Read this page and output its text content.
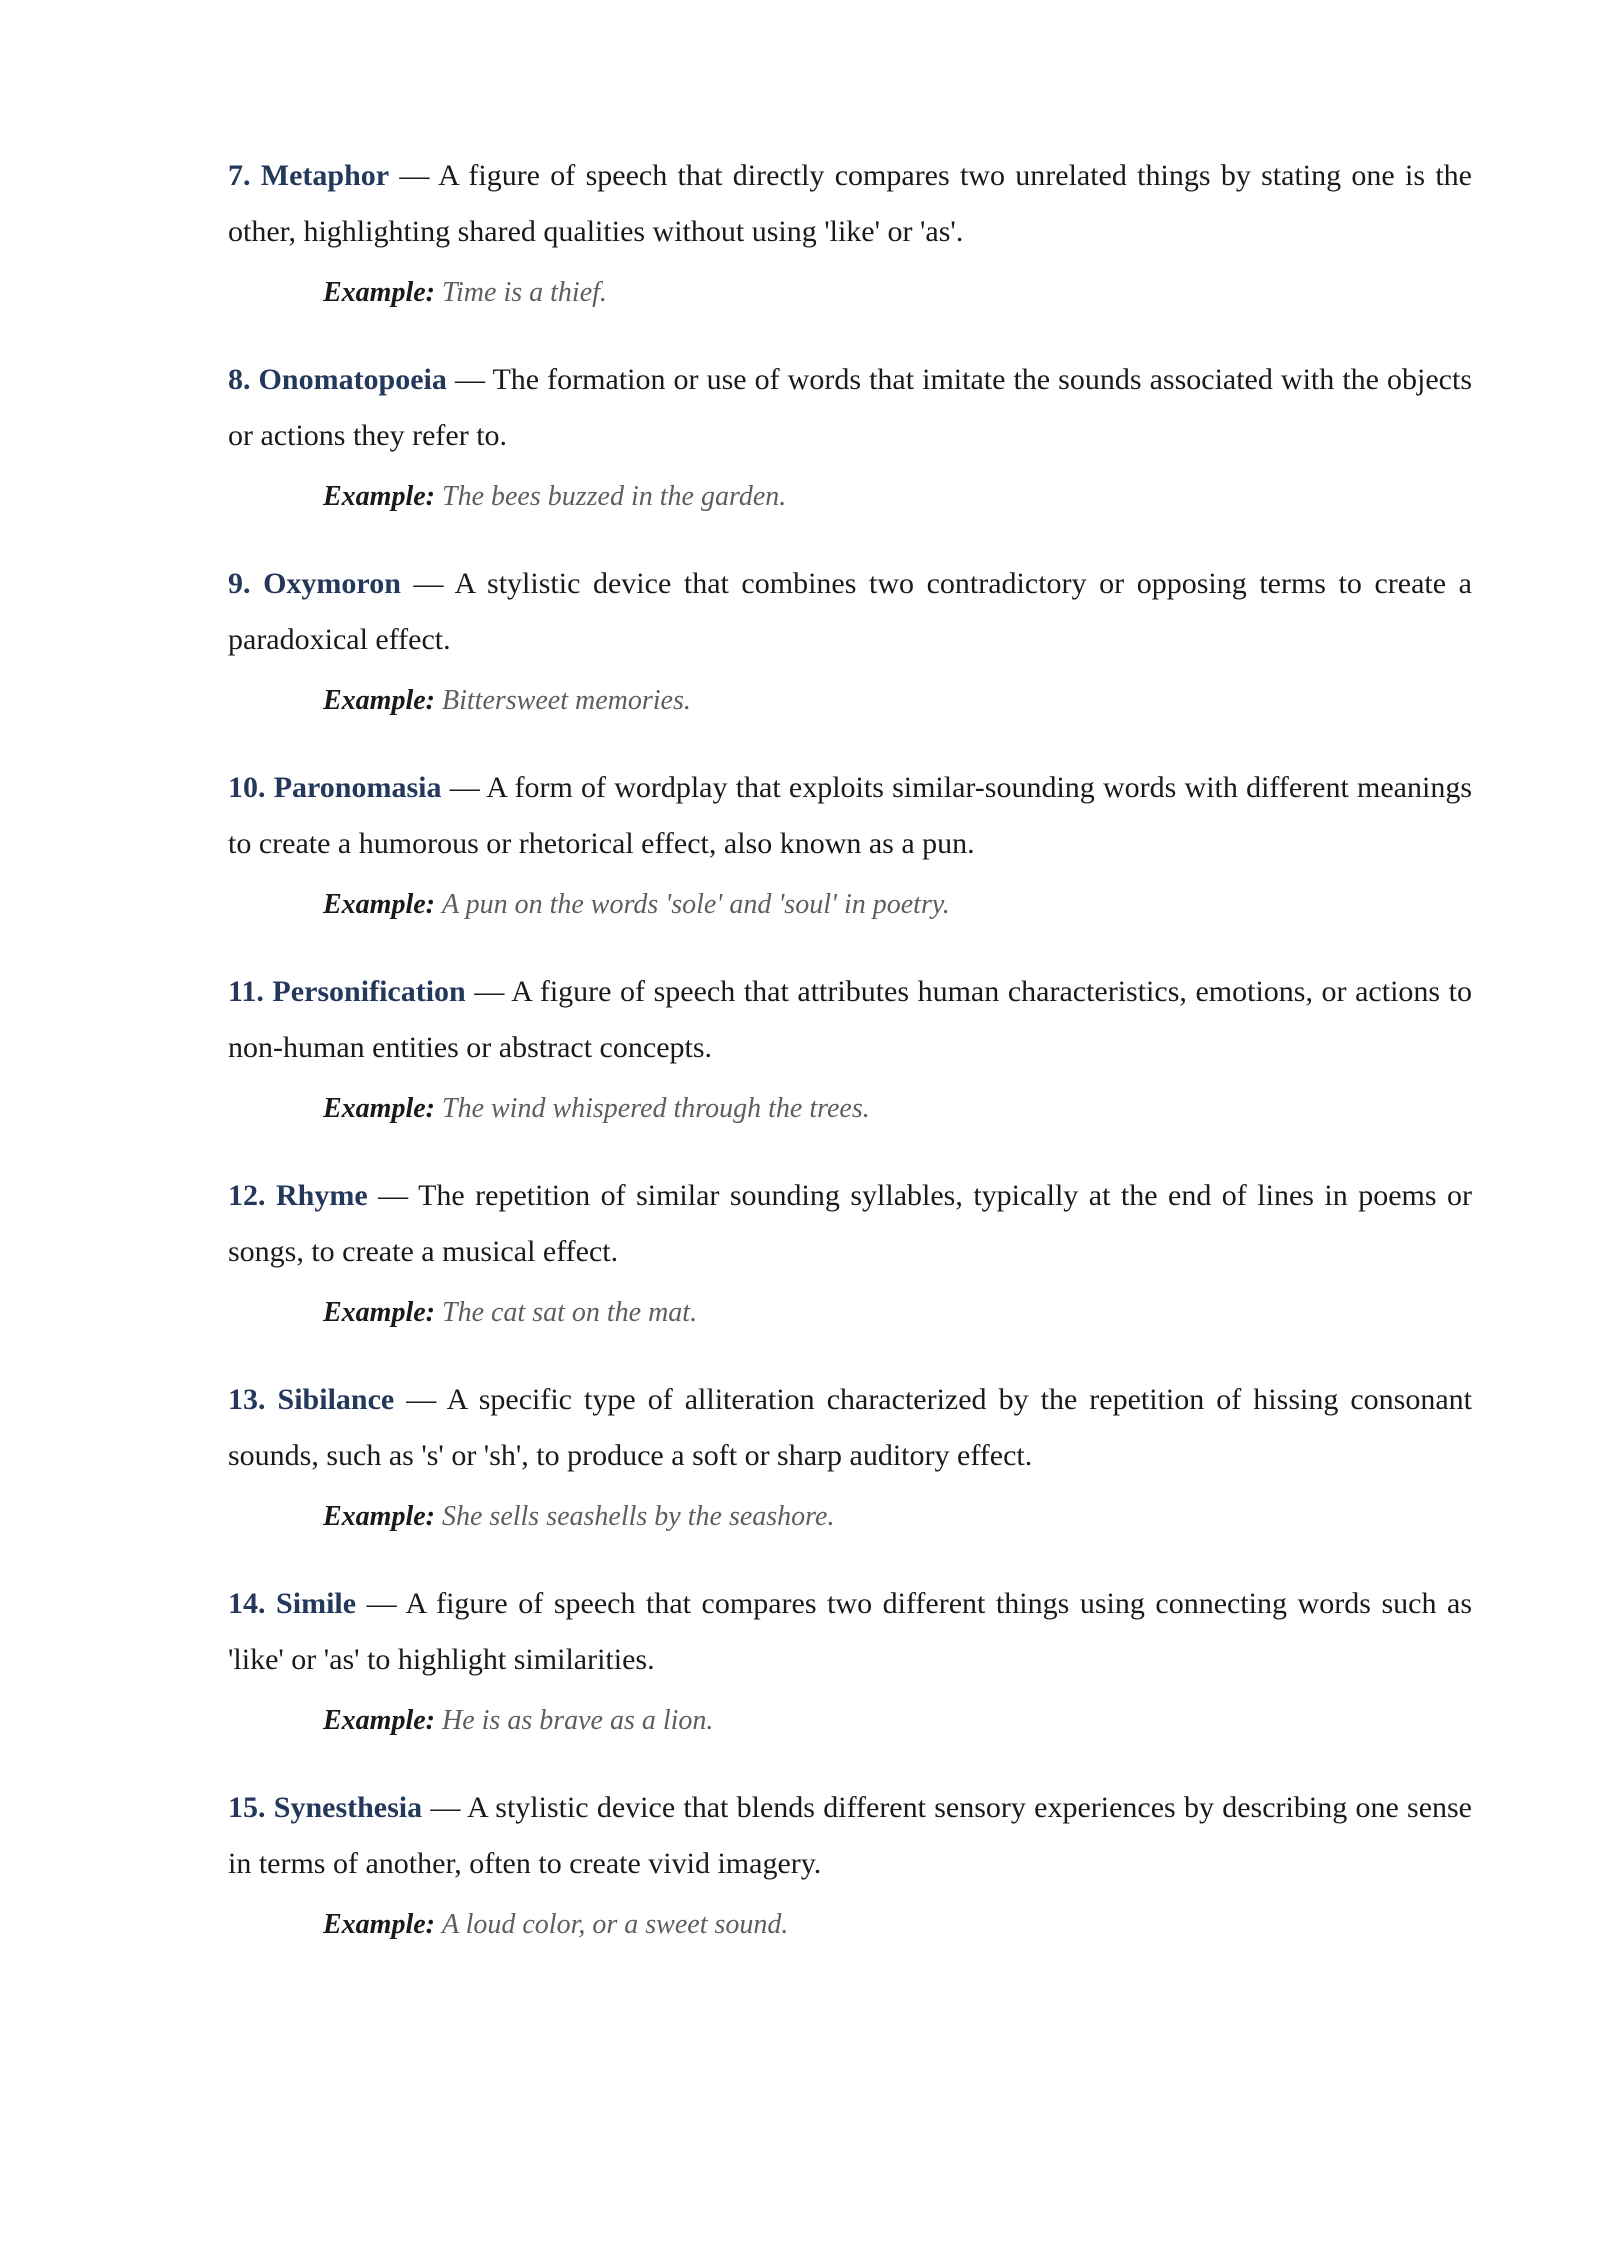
7. Metaphor — A figure of speech that directly compares two unrelated things by stating one is the other, highlighting shared qualities without using 'like' or 'as'.

Example: Time is a thief.

8. Onomatopoeia — The formation or use of words that imitate the sounds associated with the objects or actions they refer to.

Example: The bees buzzed in the garden.

9. Oxymoron — A stylistic device that combines two contradictory or opposing terms to create a paradoxical effect.

Example: Bittersweet memories.

10. Paronomasia — A form of wordplay that exploits similar-sounding words with different meanings to create a humorous or rhetorical effect, also known as a pun.

Example: A pun on the words 'sole' and 'soul' in poetry.

11. Personification — A figure of speech that attributes human characteristics, emotions, or actions to non-human entities or abstract concepts.

Example: The wind whispered through the trees.

12. Rhyme — The repetition of similar sounding syllables, typically at the end of lines in poems or songs, to create a musical effect.

Example: The cat sat on the mat.

13. Sibilance — A specific type of alliteration characterized by the repetition of hissing consonant sounds, such as 's' or 'sh', to produce a soft or sharp auditory effect.

Example: She sells seashells by the seashore.

14. Simile — A figure of speech that compares two different things using connecting words such as 'like' or 'as' to highlight similarities.

Example: He is as brave as a lion.

15. Synesthesia — A stylistic device that blends different sensory experiences by describing one sense in terms of another, often to create vivid imagery.

Example: A loud color, or a sweet sound.
